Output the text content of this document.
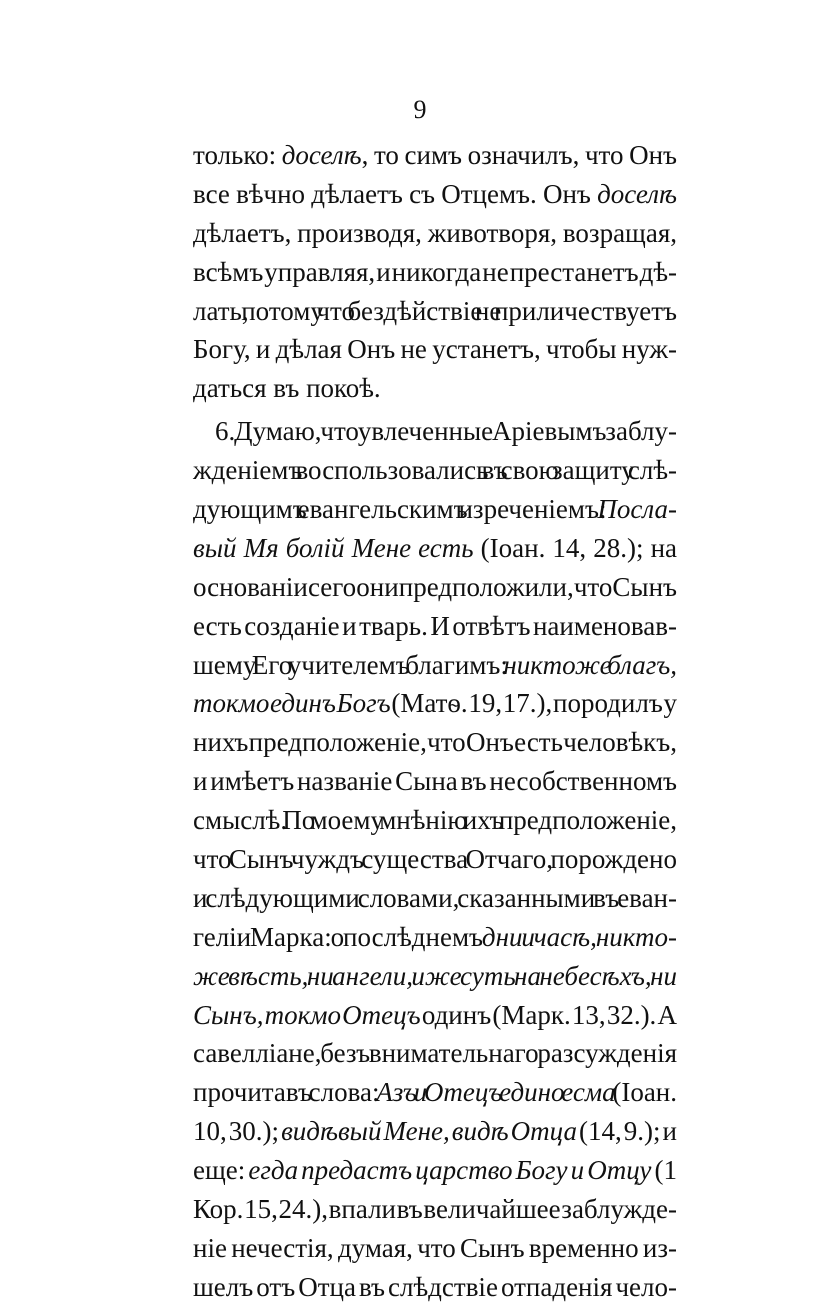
9
только: доселѣ, то симъ означилъ, что Онъ
все вѣчно дѣлаетъ съ Отцемъ. Онъ доселѣ
дѣлаетъ, производя, животворя, возращая,
всѣмъ управляя, и никогда не престанетъ дѣ-
лать, потому что бездѣйствіе не приличествуетъ
Богу, и дѣлая Онъ не устанетъ, чтобы нуж-
даться въ покоѣ.
6. Думаю, что увлеченные Аріевымъ заблу-
жденіемъ воспользовались въ свою защиту слѣ-
дующимъ евангельскимъ изреченіемъ: Посла-
вый Мя болій Мене есть (Іоан. 14, 28.); на
основаніи сего они предположили, что Сынъ
есть созданіе и тварь. И отвѣтъ наименовав-
шему Его учителемъ благимъ: никтоже благъ,
токмо единъ Богъ (Матѳ. 19, 17.), породилъ у
нихъ предположеніе, что Онъ есть человѣкъ,
и имѣетъ названіе Сына въ несобственномъ
смыслѣ. По моему мнѣнію ихъ предположеніе,
что Сынъ чуждъ существа Отчаго, порождено
и слѣдующими словами, сказанными въ еван-
геліи Марка: о послѣднемъ дни и часѣ, никто-
же вѣсть, ни ангели, иже суть на небесѣхъ, ни
Сынъ, токмо Отецъ одинъ (Марк. 13, 32.). А
савелліане, безъ внимательнаго разсужденія
прочитавъ слова: Азъ и Отецъ едино есма (Іоан.
10, 30.); видѣвый Мене, видѣ Отца (14, 9.); и
еще: егда предастъ царство Богу и Отцу (1
Кор. 15, 24.), впали въ величайшее заблужде-
ніе нечестія, думая, что Сынъ временно из-
шелъ отъ Отца въ слѣдствіе отпаденія чело-
